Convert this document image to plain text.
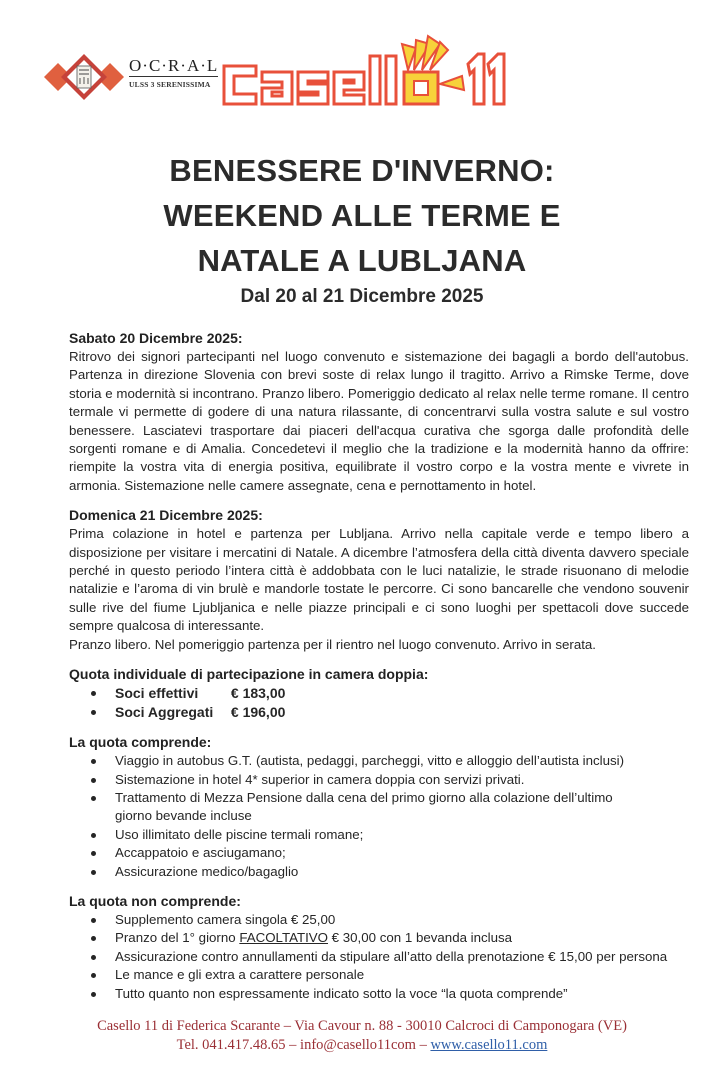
O·C·R·A·L
ULSS 3 SERENISSIMA
BENESSERE D'INVERNO:
WEEKEND ALLE TERME E
NATALE A LUBLJANA
Dal 20 al 21 Dicembre 2025
Sabato 20 Dicembre 2025:
Ritrovo dei signori partecipanti nel luogo convenuto e sistemazione dei bagagli a bordo dell'autobus. Partenza in direzione Slovenia con brevi soste di relax lungo il tragitto. Arrivo a Rimske Terme, dove storia e modernità si incontrano. Pranzo libero. Pomeriggio dedicato al relax nelle terme romane. Il centro termale vi permette di godere di una natura rilassante, di concentrarvi sulla vostra salute e sul vostro benessere. Lasciatevi trasportare dai piaceri dell'acqua curativa che sgorga dalle profondità delle sorgenti romane e di Amalia. Concedetevi il meglio che la tradizione e la modernità hanno da offrire: riempite la vostra vita di energia positiva, equilibrate il vostro corpo e la vostra mente e vivrete in armonia. Sistemazione nelle camere assegnate, cena e pernottamento in hotel.
Domenica 21 Dicembre 2025:
Prima colazione in hotel e partenza per Lubljana. Arrivo nella capitale verde e tempo libero a disposizione per visitare i mercatini di Natale. A dicembre l’atmosfera della città diventa davvero speciale perché in questo periodo l’intera città è addobbata con le luci natalizie, le strade risuonano di melodie natalizie e l’aroma di vin brulè e mandorle tostate le percorre. Ci sono bancarelle che vendono souvenir sulle rive del fiume Ljubljanica e nelle piazze principali e ci sono luoghi per spettacoli dove succede sempre qualcosa di interessante.
Pranzo libero. Nel pomeriggio partenza per il rientro nel luogo convenuto. Arrivo in serata.
Quota individuale di partecipazione in camera doppia:
Soci effettivi € 183,00
Soci Aggregati € 196,00
La quota comprende:
Viaggio in autobus G.T. (autista, pedaggi, parcheggi, vitto e alloggio dell’autista inclusi)
Sistemazione in hotel 4* superior in camera doppia con servizi privati.
Trattamento di Mezza Pensione dalla cena del primo giorno alla colazione dell’ultimo giorno bevande incluse
Uso illimitato delle piscine termali romane;
Accappatoio e asciugamano;
Assicurazione medico/bagaglio
La quota non comprende:
Supplemento camera singola € 25,00
Pranzo del 1° giorno FACOLTATIVO € 30,00 con 1 bevanda inclusa
Assicurazione contro annullamenti da stipulare all’atto della prenotazione € 15,00 per persona
Le mance e gli extra a carattere personale
Tutto quanto non espressamente indicato sotto la voce “la quota comprende”
Casello 11 di Federica Scarante – Via Cavour n. 88 - 30010 Calcroci di Camponogara (VE)
Tel. 041.417.48.65 – info@casello11com – www.casello11.com
